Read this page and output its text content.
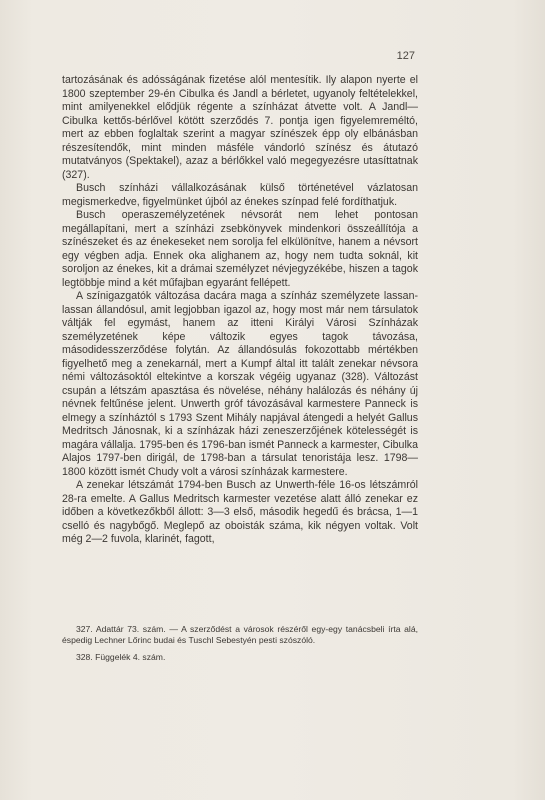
127

tartozásának és adósságának fizetése alól mentesítik. Ily alapon nyerte el 1800 szeptember 29-én Cibulka és Jandl a bérletet, ugyanoly feltételekkel, mint amilyenekkel elődjük régente a színházat átvette volt. A Jandl—Cibulka kettős-bérlővel kötött szerződés 7. pontja igen figyelemreméltó, mert az ebben foglaltak szerint a magyar színészek épp oly elbánásban részesítendők, mint minden másféle vándorló színész és átutazó mutatványos (Spektakel), azaz a bérlőkkel való megegyezésre utasíttatnak (327).

Busch színházi vállalkozásának külső történetével vázlatosan megismerkedve, figyelmünket újból az énekes színpad felé fordíthatjuk.

Busch operaszemélyzetének névsorát nem lehet pontosan megállapítani, mert a színházi zsebkönyvek mindenkori összeállítója a színészeket és az énekeseket nem sorolja fel elkülönítve, hanem a névsort egy végben adja. Ennek oka alighanem az, hogy nem tudta soknál, kit soroljon az énekes, kit a drámai személyzet névjegyzékébe, hiszen a tagok legtöbbje mind a két műfajban egyaránt fellépett.

A színigazgatók változása dacára maga a színház személyzete lassan-lassan állandósul, amit legjobban igazol az, hogy most már nem társulatok váltják fel egymást, hanem az itteni Királyi Városi Színházak személyzetének képe változik egyes tagok távozása, másodidesszerződése folytán. Az állandósulás fokozottabb mértékben figyelhető meg a zenekarnál, mert a Kumpf által itt talált zenekar névsora némi változásoktól eltekintve a korszak végéig ugyanaz (328). Változást csupán a létszám apasztása és növelése, néhány halálozás és néhány új névnek feltűnése jelent. Unwerth gróf távozásával karmestere Panneck is elmegy a színháztól s 1793 Szent Mihály napjával átengedi a helyét Gallus Medritsch Jánosnak, ki a színházak házi zeneszerzőjének kötelességét is magára vállalja. 1795-ben és 1796-ban ismét Panneck a karmester, Cibulka Alajos 1797-ben dirigál, de 1798-ban a társulat tenoristája lesz. 1798—1800 között ismét Chudy volt a városi színházak karmestere.

A zenekar létszámát 1794-ben Busch az Unwerth-féle 16-os létszámról 28-ra emelte. A Gallus Medritsch karmester vezetése alatt álló zenekar ez időben a következőkből állott: 3—3 első, második hegedű és brácsa, 1—1 cselló és nagybőgő. Meglepő az oboisták száma, kik négyen voltak. Volt még 2—2 fuvola, klarinét, fagott,

327. Adattár 73. szám. — A szerződést a városok részéről egy-egy tanácsbeli írta alá, éspedig Lechner Lőrinc budai és Tuschl Sebestyén pesti szószóló.

328. Függelék 4. szám.
